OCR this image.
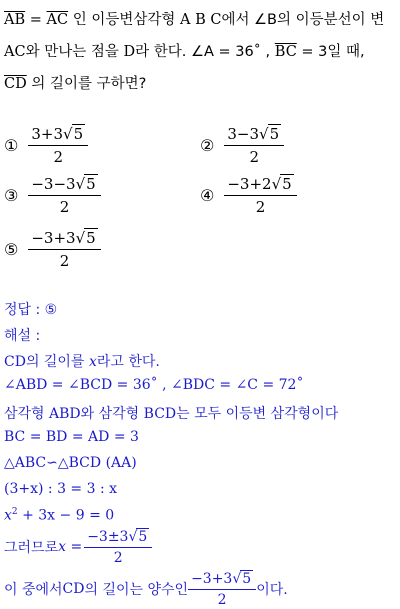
$\overline{AB} = \overline{AC}$ 인 이등변삼각형 A B C에서 ∠B의 이등분선이 변
AC와 만나는 점을 D라 한다. ∠A = 36˚ , $\overline{BC} = 3$일 때,
$\overline{CD}$ 의 길이를 구하면?
① $\frac{3+3 √ 5}{2}$	② $\frac{3-3 √ 5}{2}$
③ $\frac{-3-3 √ 5}{2}$	④ $\frac{-3+2 √ 5}{2}$
⑤ $\frac{-3+3 √ 5}{2}$
정답 : ⑤
해설 :
CD의 길이를 x라고 한다.
∠ABD = ∠BCD = 36˚ , ∠BDC = ∠C = 72˚
삼각형 ABD와 삼각형 BCD는 모두 이등변 삼각형이다
BC = BD = AD = 3
△ABC∽△BCD (AA)
(3+x) : 3 = 3 : x
$x^2 + 3x - 9 = 0$
그러므로 $x = \frac{-3\pm 3 √ 5}{2}$
이 중에서 CD 의 길이는 양수인 $\frac{-3+3 √ 5}{2}$ 이다.
